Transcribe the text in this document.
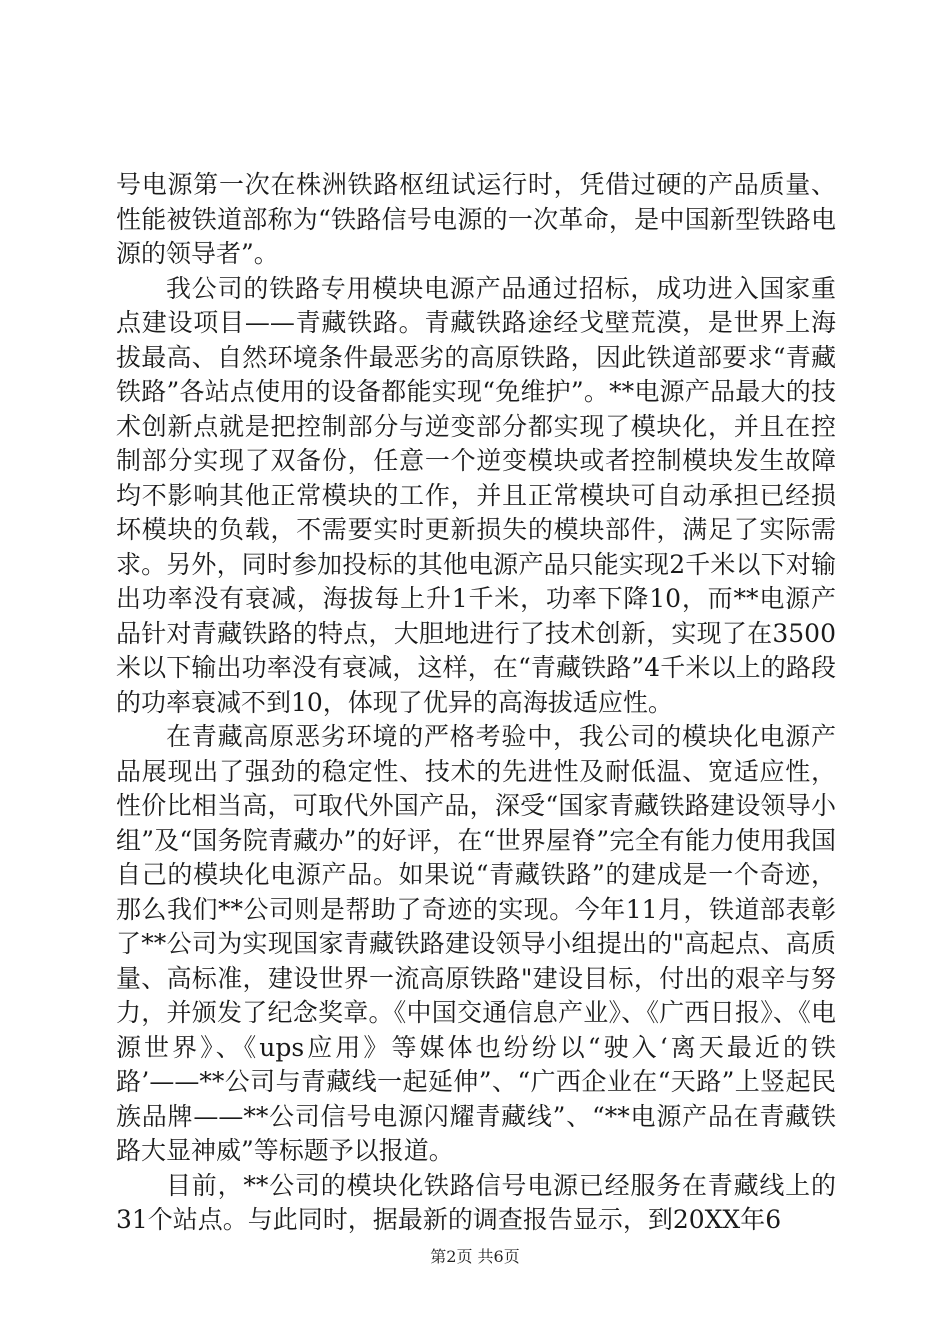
号电源第一次在株洲铁路枢纽试运行时，凭借过硬的产品质量、性能被铁道部称为“铁路信号电源的一次革命，是中国新型铁路电源的领导者”。

我公司的铁路专用模块电源产品通过招标，成功进入国家重点建设项目——青藏铁路。青藏铁路途经戈壁荒漠，是世界上海拔最高、自然环境条件最恶劣的高原铁路，因此铁道部要求“青藏铁路”各站点使用的设备都能实现“免维护”。**电源产品最大的技术创新点就是把控制部分与逆变部分都实现了模块化，并且在控制部分实现了双备份，任意一个逆变模块或者控制模块发生故障均不影响其他正常模块的工作，并且正常模块可自动承担已经损坏模块的负载，不需要实时更新损失的模块部件，满足了实际需求。另外，同时参加投标的其他电源产品只能实现2千米以下对输出功率没有衰减，海拔每上升1千米，功率下降10，而**电源产品针对青藏铁路的特点，大胆地进行了技术创新，实现了在3500米以下输出功率没有衰减，这样，在“青藏铁路”4千米以上的路段的功率衰减不到10，体现了优异的高海拔适应性。

在青藏高原恶劣环境的严格考验中，我公司的模块化电源产品展现出了强劲的稳定性、技术的先进性及耐低温、宽适应性，性价比相当高，可取代外国产品，深受“国家青藏铁路建设领导小组”及“国务院青藏办”的好评，在“世界屋脊”完全有能力使用我国自己的模块化电源产品。如果说“青藏铁路”的建成是一个奇迹，那么我们**公司则是帮助了奇迹的实现。今年11月，铁道部表彰了**公司为实现国家青藏铁路建设领导小组提出的"高起点、高质量、高标准，建设世界一流高原铁路"建设目标，付出的艰辛与努力，并颁发了纪念奖章。《中国交通信息产业》、《广西日报》、《电源世界》、《ups应用》等媒体也纷纷以“驶入‘离天最近的铁路’——**公司与青藏线一起延伸”、“广西企业在“天路”上竖起民族品牌——**公司信号电源闪耀青藏线”、“**电源产品在青藏铁路大显神威”等标题予以报道。

目前，**公司的模块化铁路信号电源已经服务在青藏线上的31个站点。与此同时，据最新的调查报告显示，到20XX年6

第2页 共6页
